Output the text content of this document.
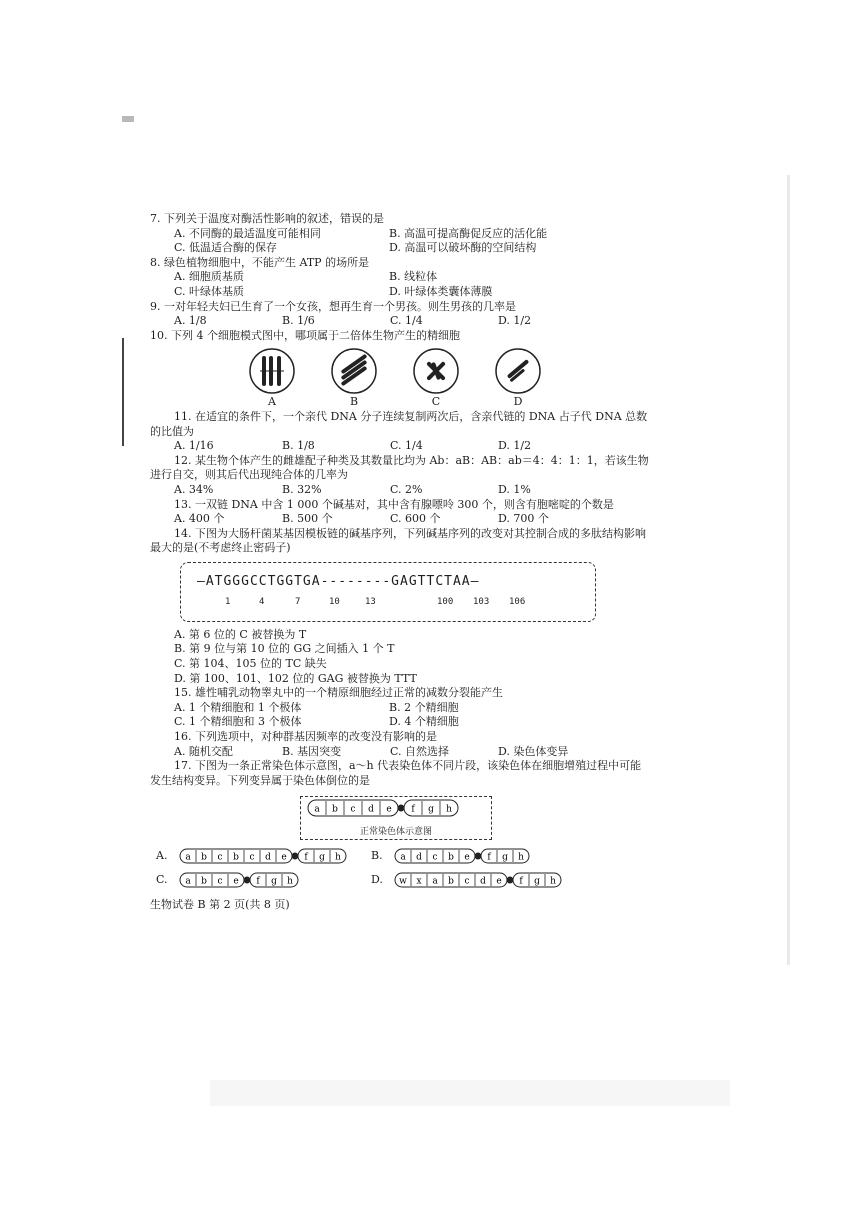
7. 下列关于温度对酶活性影响的叙述，错误的是

A. 不同酶的最适温度可能相同	B. 高温可提高酶促反应的活化能
C. 低温适合酶的保存	D. 高温可以破坏酶的空间结构

8. 绿色植物细胞中，不能产生 ATP 的场所是

A. 细胞质基质	B. 线粒体
C. 叶绿体基质	D. 叶绿体类囊体薄膜

9. 一对年轻夫妇已生育了一个女孩，想再生育一个男孩。则生男孩的几率是

A. 1/8	B. 1/6	C. 1/4	D. 1/2

10. 下列 4 个细胞模式图中，哪项属于二倍体生物产生的精细胞

A	B	C	D

11. 在适宜的条件下，一个亲代 DNA 分子连续复制两次后，含亲代链的 DNA 占子代 DNA 总数的比值为

A. 1/16	B. 1/8	C. 1/4	D. 1/2

12. 某生物个体产生的雌雄配子种类及其数量比均为 Ab：aB：AB：ab＝4：4：1：1，若该生物进行自交，则其后代出现纯合体的几率为

A. 34%	B. 32%	C. 2%	D. 1%

13. 一双链 DNA 中含 1 000 个碱基对，其中含有腺嘌呤 300 个，则含有胞嘧啶的个数是

A. 400 个	B. 500 个	C. 600 个	D. 700 个

14. 下图为大肠杆菌某基因模板链的碱基序列，下列碱基序列的改变对其控制合成的多肽结构影响最大的是(不考虑终止密码子)

—ATGGGCCTGGTGA--------GAGTTCTAA—
1	4	7	10	13	100 103 106
A. 第 6 位的 C 被替换为 T
B. 第 9 位与第 10 位的 GG 之间插入 1 个 T
C. 第 104、105 位的 TC 缺失
D. 第 100、101、102 位的 GAG 被替换为 TTT

15. 雄性哺乳动物睾丸中的一个精原细胞经过正常的减数分裂能产生

A. 1 个精细胞和 1 个极体	B. 2 个精细胞
C. 1 个精细胞和 3 个极体	D. 4 个精细胞

16. 下列选项中，对种群基因频率的改变没有影响的是

A. 随机交配	B. 基因突变	C. 自然选择	D. 染色体变异

17. 下图为一条正常染色体示意图，a～h 代表染色体不同片段，该染色体在细胞增殖过程中可能发生结构变异。下列变异属于染色体倒位的是

a b c d e f g h
正常染色体示意图
A.	a b c b c d e f g h	B.	a d c b e f g h
C.	a b c e f g h	D.	w x a b c d e f g h
生物试卷 B 第 2 页(共 8 页)
